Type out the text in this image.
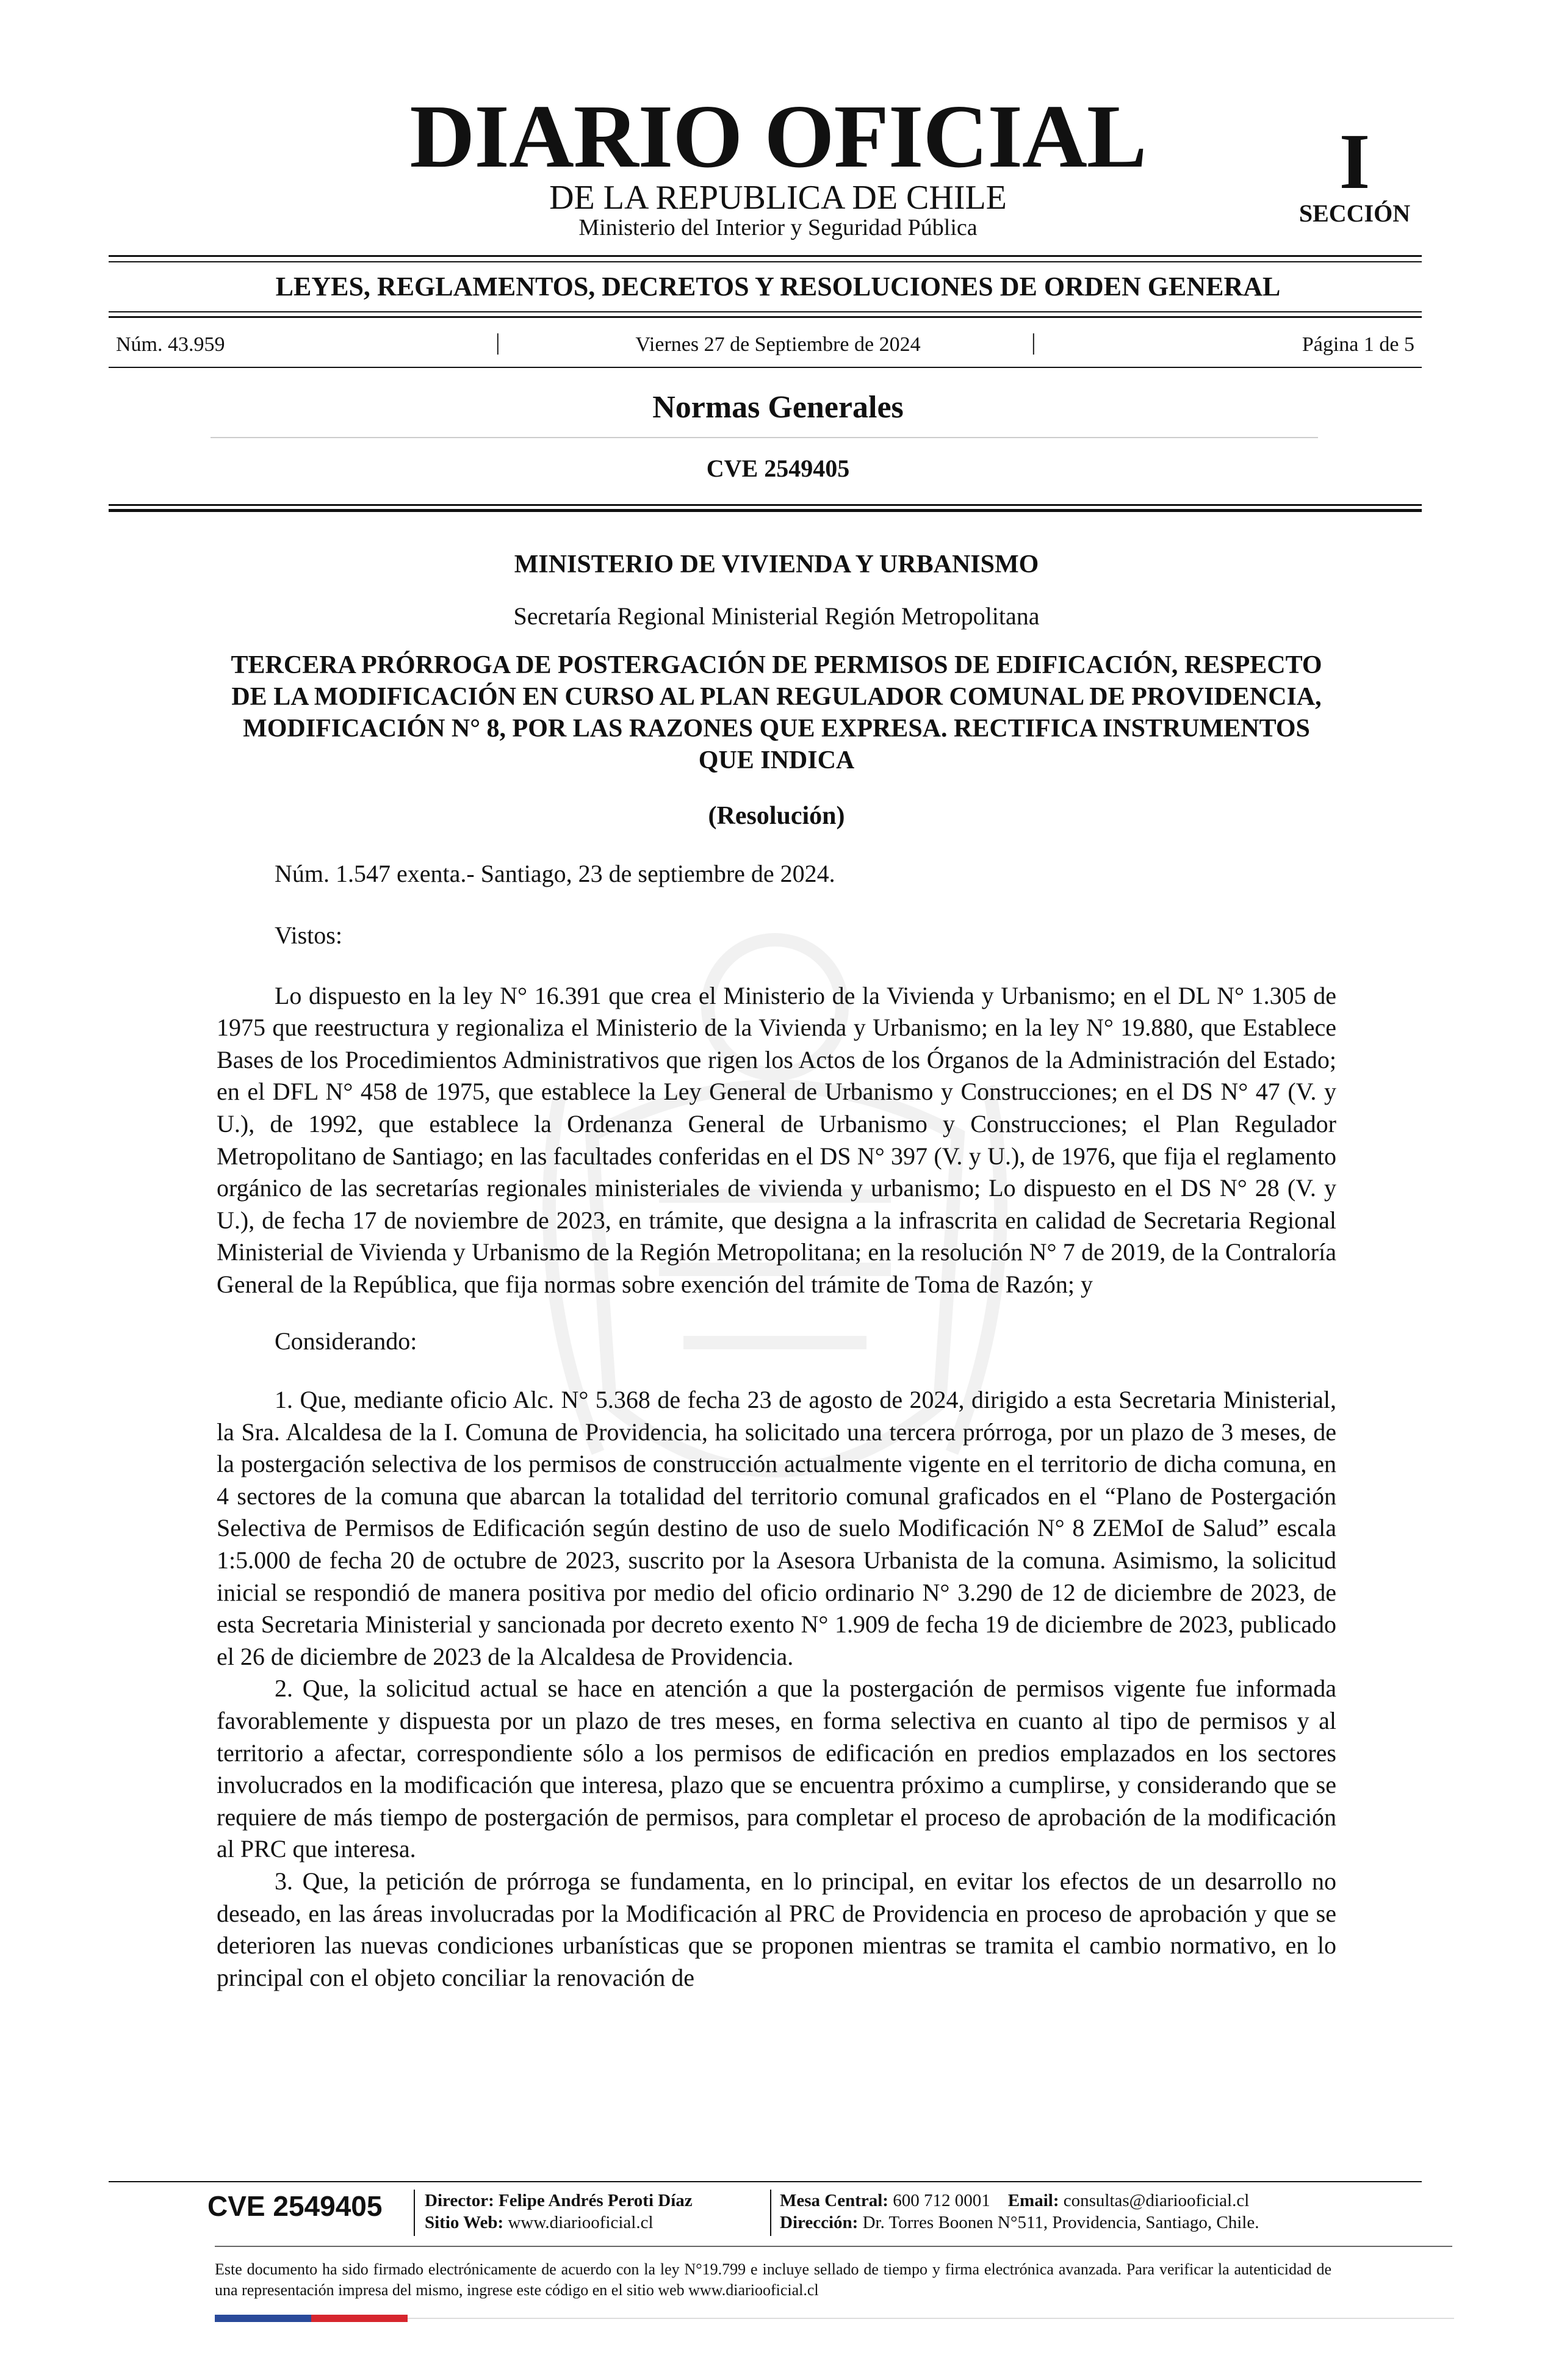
DIARIO OFICIAL
DE LA REPUBLICA DE CHILE
Ministerio del Interior y Seguridad Pública
I
SECCIÓN
LEYES, REGLAMENTOS, DECRETOS Y RESOLUCIONES DE ORDEN GENERAL
Núm. 43.959	|	Viernes 27 de Septiembre de 2024	|	Página 1 de 5
Normas Generales
CVE 2549405
MINISTERIO DE VIVIENDA Y URBANISMO
Secretaría Regional Ministerial Región Metropolitana
TERCERA PRÓRROGA DE POSTERGACIÓN DE PERMISOS DE EDIFICACIÓN, RESPECTO DE LA MODIFICACIÓN EN CURSO AL PLAN REGULADOR COMUNAL DE PROVIDENCIA, MODIFICACIÓN N° 8, POR LAS RAZONES QUE EXPRESA. RECTIFICA INSTRUMENTOS QUE INDICA
(Resolución)

Núm. 1.547 exenta.- Santiago, 23 de septiembre de 2024.

Vistos:

Lo dispuesto en la ley N° 16.391 que crea el Ministerio de la Vivienda y Urbanismo; en el DL N° 1.305 de 1975 que reestructura y regionaliza el Ministerio de la Vivienda y Urbanismo; en la ley N° 19.880, que Establece Bases de los Procedimientos Administrativos que rigen los Actos de los Órganos de la Administración del Estado; en el DFL N° 458 de 1975, que establece la Ley General de Urbanismo y Construcciones; en el DS N° 47 (V. y U.), de 1992, que establece la Ordenanza General de Urbanismo y Construcciones; el Plan Regulador Metropolitano de Santiago; en las facultades conferidas en el DS N° 397 (V. y U.), de 1976, que fija el reglamento orgánico de las secretarías regionales ministeriales de vivienda y urbanismo; Lo dispuesto en el DS N° 28 (V. y U.), de fecha 17 de noviembre de 2023, en trámite, que designa a la infrascrita en calidad de Secretaria Regional Ministerial de Vivienda y Urbanismo de la Región Metropolitana; en la resolución N° 7 de 2019, de la Contraloría General de la República, que fija normas sobre exención del trámite de Toma de Razón; y

Considerando:

1. Que, mediante oficio Alc. N° 5.368 de fecha 23 de agosto de 2024, dirigido a esta Secretaria Ministerial, la Sra. Alcaldesa de la I. Comuna de Providencia, ha solicitado una tercera prórroga, por un plazo de 3 meses, de la postergación selectiva de los permisos de construcción actualmente vigente en el territorio de dicha comuna, en 4 sectores de la comuna que abarcan la totalidad del territorio comunal graficados en el “Plano de Postergación Selectiva de Permisos de Edificación según destino de uso de suelo Modificación N° 8 ZEMoI de Salud” escala 1:5.000 de fecha 20 de octubre de 2023, suscrito por la Asesora Urbanista de la comuna. Asimismo, la solicitud inicial se respondió de manera positiva por medio del oficio ordinario N° 3.290 de 12 de diciembre de 2023, de esta Secretaria Ministerial y sancionada por decreto exento N° 1.909 de fecha 19 de diciembre de 2023, publicado el 26 de diciembre de 2023 de la Alcaldesa de Providencia.

2. Que, la solicitud actual se hace en atención a que la postergación de permisos vigente fue informada favorablemente y dispuesta por un plazo de tres meses, en forma selectiva en cuanto al tipo de permisos y al territorio a afectar, correspondiente sólo a los permisos de edificación en predios emplazados en los sectores involucrados en la modificación que interesa, plazo que se encuentra próximo a cumplirse, y considerando que se requiere de más tiempo de postergación de permisos, para completar el proceso de aprobación de la modificación al PRC que interesa.

3. Que, la petición de prórroga se fundamenta, en lo principal, en evitar los efectos de un desarrollo no deseado, en las áreas involucradas por la Modificación al PRC de Providencia en proceso de aprobación y que se deterioren las nuevas condiciones urbanísticas que se proponen mientras se tramita el cambio normativo, en lo principal con el objeto conciliar la renovación de

CVE 2549405 Director: Felipe Andrés Peroti Díaz
Sitio Web: www.diariooficial.cl
Mesa Central: 600 712 0001 Email: consultas@diariooficial.cl
Dirección: Dr. Torres Boonen N°511, Providencia, Santiago, Chile.
Este documento ha sido firmado electrónicamente de acuerdo con la ley N°19.799 e incluye sellado de tiempo y firma electrónica avanzada. Para verificar la autenticidad de una representación impresa del mismo, ingrese este código en el sitio web www.diariooficial.cl
